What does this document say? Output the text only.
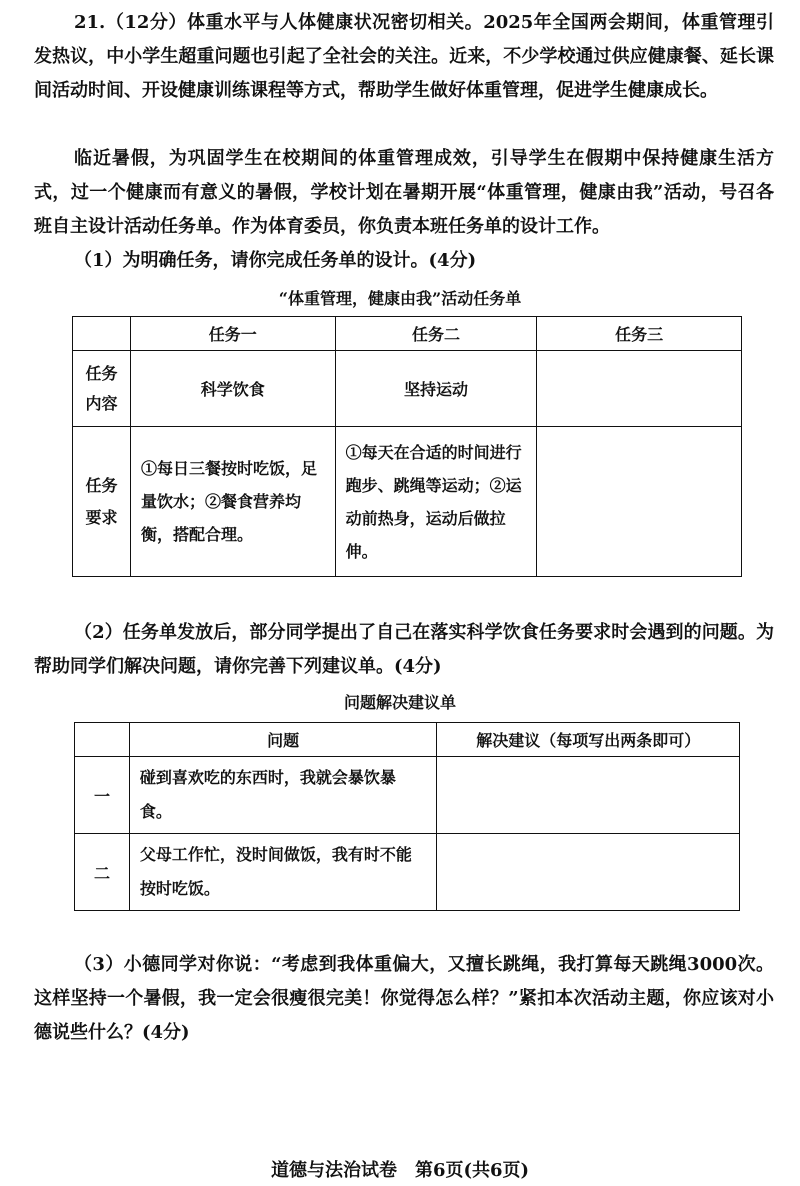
21.（12分）体重水平与人体健康状况密切相关。2025年全国两会期间，体重管理引发热议，中小学生超重问题也引起了全社会的关注。近来，不少学校通过供应健康餐、延长课间活动时间、开设健康训练课程等方式，帮助学生做好体重管理，促进学生健康成长。

临近暑假，为巩固学生在校期间的体重管理成效，引导学生在假期中保持健康生活方式，过一个健康而有意义的暑假，学校计划在暑期开展“体重管理，健康由我”活动，号召各班自主设计活动任务单。作为体育委员，你负责本班任务单的设计工作。

（1）为明确任务，请你完成任务单的设计。(4分)
“体重管理，健康由我”活动任务单
	任务一	任务二	任务三
任务内容	科学饮食	坚持运动	
任务要求	①每日三餐按时吃饭，足量饮水；②餐食营养均衡，搭配合理。	①每天在合适的时间进行跑步、跳绳等运动；②运动前热身，运动后做拉伸。	

（2）任务单发放后，部分同学提出了自己在落实科学饮食任务要求时会遇到的问题。为帮助同学们解决问题，请你完善下列建议单。(4分)

问题解决建议单
	问题	解决建议（每项写出两条即可）
一	碰到喜欢吃的东西时，我就会暴饮暴食。	
二	父母工作忙，没时间做饭，我有时不能按时吃饭。	

（3）小德同学对你说：“考虑到我体重偏大，又擅长跳绳，我打算每天跳绳3000次。这样坚持一个暑假，我一定会很瘦很完美！你觉得怎么样？”紧扣本次活动主题，你应该对小德说些什么？(4分)

道德与法治试卷　第6页(共6页)
